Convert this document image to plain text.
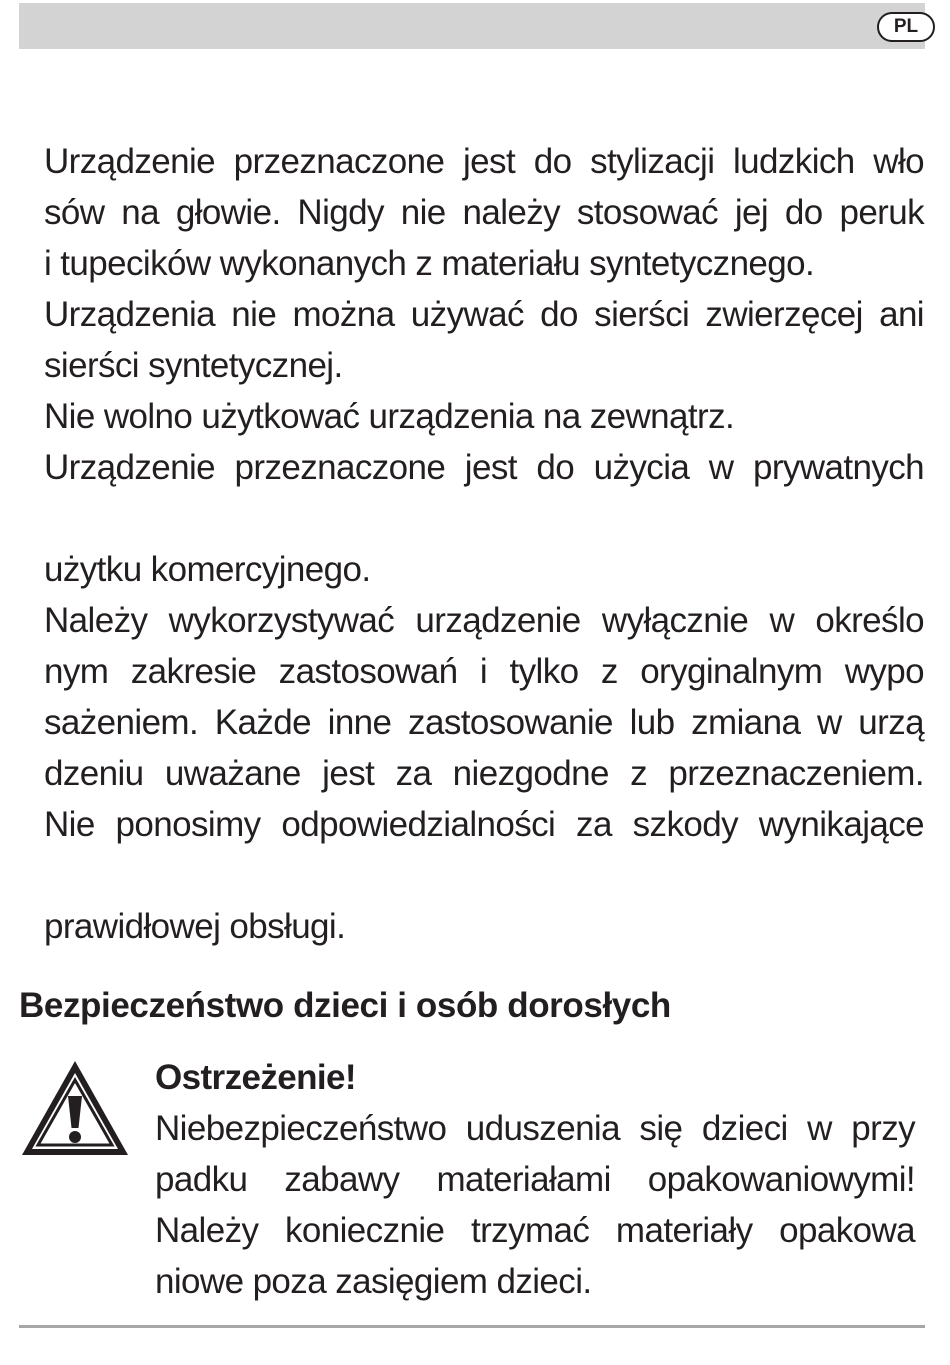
PL
Urządzenie przeznaczone jest do stylizacji ludzkich wło
sów na głowie. Nigdy nie należy stosować jej do peruk
i tupecików wykonanych z materiału syntetycznego.
Urządzenia nie można używać do sierści zwierzęcej ani
sierści syntetycznej.
Nie wolno użytkować urządzenia na zewnątrz.
Urządzenie przeznaczone jest do użycia w prywatnych
użytku komercyjnego.
Należy wykorzystywać urządzenie wyłącznie w określo
nym zakresie zastosowań i tylko z oryginalnym wypo
sażeniem. Każde inne zastosowanie lub zmiana w urzą
dzeniu uważane jest za niezgodne z przeznaczeniem.
Nie ponosimy odpowiedzialności za szkody wynikające
prawidłowej obsługi.
Bezpieczeństwo dzieci i osób dorosłych
Ostrzeżenie!
Niebezpieczeństwo uduszenia się dzieci w przy
padku zabawy materiałami opakowaniowymi!
Należy koniecznie trzymać materiały opakowa
niowe poza zasięgiem dzieci.
